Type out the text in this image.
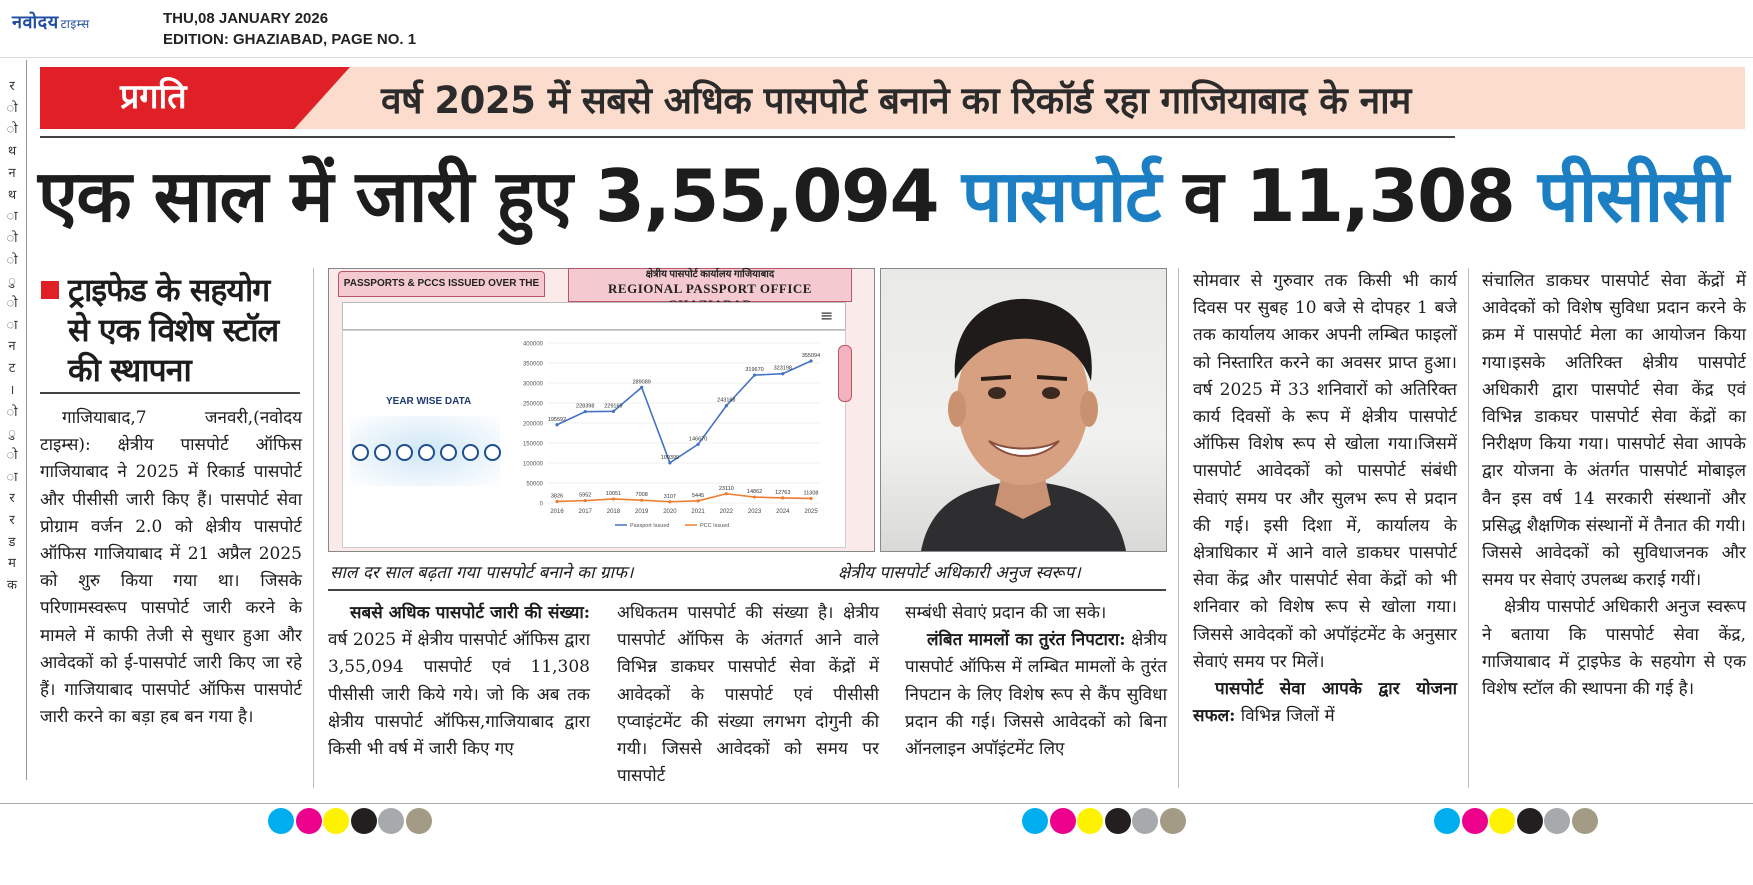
नवोदय टाइम्स	THU,08 JANUARY 2026
EDITION: GHAZIABAD, PAGE NO. 1
र
ो
ो
थ
न
थ
ा
ो
ो
ु
ो
ा
न
ट
।
ो
ु
ो
ा
र
र
ड
म
क
प्रगति	वर्ष 2025 में सबसे अधिक पासपोर्ट बनाने का रिकॉर्ड रहा गाजियाबाद के नाम
एक साल में जारी हुए 3,55,094 पासपोर्ट व 11,308 पीसीसी
ट्राइफेड के सहयोग से एक विशेष स्टॉल की स्थापना

गाजियाबाद,7 जनवरी,(नवोदय टाइम्स): क्षेत्रीय पासपोर्ट ऑफिस गाजियाबाद ने 2025 में रिकार्ड पासपोर्ट और पीसीसी जारी किए हैं। पासपोर्ट सेवा प्रोग्राम वर्जन 2.0 को क्षेत्रीय पासपोर्ट ऑफिस गाजियाबाद में 21 अप्रैल 2025 को शुरु किया गया था। जिसके परिणामस्वरूप पासपोर्ट जारी करने के मामले में काफी तेजी से सुधार हुआ और आवेदकों को ई-पासपोर्ट जारी किए जा रहे हैं। गाजियाबाद पासपोर्ट ऑफिस पासपोर्ट जारी करने का बड़ा हब बन गया है।

सबसे अधिक पासपोर्ट जारी की संख्या: वर्ष 2025 में क्षेत्रीय पासपोर्ट ऑफिस द्वारा 3,55,094 पासपोर्ट एवं 11,308 पीसीसी जारी किये गये। जो कि अब तक क्षेत्रीय पासपोर्ट ऑफिस,गाजियाबाद द्वारा किसी भी वर्ष में जारी किए गए

अधिकतम पासपोर्ट की संख्या है। क्षेत्रीय पासपोर्ट ऑफिस के अंतगर्त आने वाले विभिन्न डाकघर पासपोर्ट सेवा केंद्रों में आवेदकों के पासपोर्ट एवं पीसीसी एप्वाइंटमेंट की संख्या लगभग दोगुनी की गयी। जिससे आवेदकों को समय पर पासपोर्ट

सम्बंधी सेवाएं प्रदान की जा सके।

लंबित मामलों का तुरंत निपटारा: क्षेत्रीय पासपोर्ट ऑफिस में लम्बित मामलों के तुरंत निपटान के लिए विशेष रूप से कैंप सुविधा प्रदान की गई। जिससे आवेदकों को बिना ऑनलाइन अपॉइंटमेंट लिए

सोमवार से गुरुवार तक किसी भी कार्य दिवस पर सुबह 10 बजे से दोपहर 1 बजे तक कार्यालय आकर अपनी लम्बित फाइलों को निस्तारित करने का अवसर प्राप्त हुआ। वर्ष 2025 में 33 शनिवारों को अतिरिक्त कार्य दिवसों के रूप में क्षेत्रीय पासपोर्ट ऑफिस विशेष रूप से खोला गया।जिसमें पासपोर्ट आवेदकों को पासपोर्ट संबंधी सेवाएं समय पर और सुलभ रूप से प्रदान की गई। इसी दिशा में, कार्यालय के क्षेत्राधिकार में आने वाले डाकघर पासपोर्ट सेवा केंद्र और पासपोर्ट सेवा केंद्रों को भी शनिवार को विशेष रूप से खोला गया।जिससे आवेदकों को अपॉइंटमेंट के अनुसार सेवाएं समय पर मिलें।

पासपोर्ट सेवा आपके द्वार योजना सफल: विभिन्न जिलों में

संचालित डाकघर पासपोर्ट सेवा केंद्रों में आवेदकों को विशेष सुविधा प्रदान करने के क्रम में पासपोर्ट मेला का आयोजन किया गया।इसके अतिरिक्त क्षेत्रीय पासपोर्ट अधिकारी द्वारा पासपोर्ट सेवा केंद्र एवं विभिन्न डाकघर पासपोर्ट सेवा केंद्रों का निरीक्षण किया गया। पासपोर्ट सेवा आपके द्वार योजना के अंतर्गत पासपोर्ट मोबाइल वैन इस वर्ष 14 सरकारी संस्थानों और प्रसिद्ध शैक्षणिक संस्थानों में तैनात की गयी। जिससे आवेदकों को सुविधाजनक और समय पर सेवाएं उपलब्ध कराई गयीं।

क्षेत्रीय पासपोर्ट अधिकारी अनुज स्वरूप ने बताया कि पासपोर्ट सेवा केंद्र, गाजियाबाद में ट्राइफेड के सहयोग से एक विशेष स्टॉल की स्थापना की गई है।

PASSPORTS & PCCS ISSUED OVER THE
क्षेत्रीय पासपोर्ट कार्यालय गाजियाबाद
REGIONAL PASSPORT OFFICE
≡
YEAR WISE DATA
0
50000
100000
150000
200000
250000
300000
350000
400000
2016 2017 2018 2019 2020 2021 2022 2023 2024 2025
195592
228398 229169
289089
100399
146670
243168
319670 323198
355094
3826	5952	10051	7008	3107	5445
23110
14862 12763 11308
Passport Issued	PCC Issued
साल दर साल बढ़ता गया पासपोर्ट बनाने का ग्राफ।	क्षेत्रीय पासपोर्ट अधिकारी अनुज स्वरूप।
